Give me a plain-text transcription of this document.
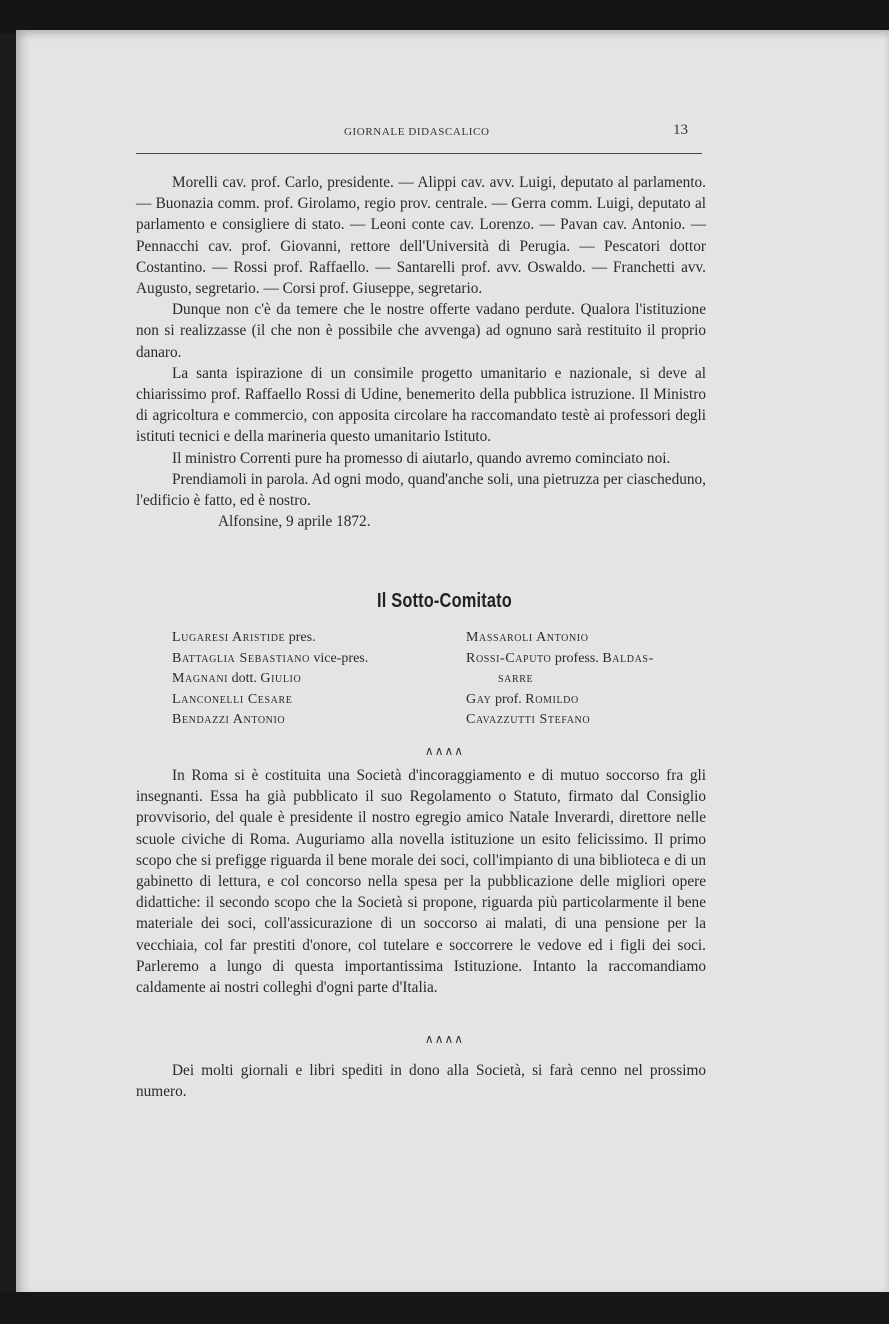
GIORNALE DIDASCALICO	13

Morelli cav. prof. Carlo, presidente. — Alippi cav. avv. Luigi, deputato al parlamento. — Buonazia comm. prof. Girolamo, regio prov. centrale. — Gerra comm. Luigi, deputato al parlamento e consigliere di stato. — Leoni conte cav. Lorenzo. — Pavan cav. Antonio. — Pennacchi cav. prof. Giovanni, rettore dell'Università di Perugia. — Pescatori dottor Costantino. — Rossi prof. Raffaello. — Santarelli prof. avv. Oswaldo. — Franchetti avv. Augusto, segretario. — Corsi prof. Giuseppe, segretario.

Dunque non c'è da temere che le nostre offerte vadano perdute. Qualora l'istituzione non si realizzasse (il che non è possibile che avvenga) ad ognuno sarà restituito il proprio danaro.

La santa ispirazione di un consimile progetto umanitario e nazionale, si deve al chiarissimo prof. Raffaello Rossi di Udine, benemerito della pubblica istruzione. Il Ministro di agricoltura e commercio, con apposita circolare ha raccomandato testè ai professori degli istituti tecnici e della marineria questo umanitario Istituto.

Il ministro Correnti pure ha promesso di aiutarlo, quando avremo cominciato noi.

Prendiamoli in parola. Ad ogni modo, quand'anche soli, una pietruzza per ciascheduno, l'edificio è fatto, ed è nostro.

Alfonsine, 9 aprile 1872.

Il Sotto-Comitato
Lugaresi Aristide pres.
Battaglia Sebastiano vice-pres.
Magnani dott. Giulio
Lanconelli Cesare
Bendazzi Antonio
Massaroli Antonio
Rossi-Caputo profess. Baldas-
sarre
Gay prof. Romildo
Cavazzutti Stefano
∧∧∧∧

In Roma si è costituita una Società d'incoraggiamento e di mutuo soccorso fra gli insegnanti. Essa ha già pubblicato il suo Regolamento o Statuto, firmato dal Consiglio provvisorio, del quale è presidente il nostro egregio amico Natale Inverardi, direttore nelle scuole civiche di Roma. Auguriamo alla novella istituzione un esito felicissimo. Il primo scopo che si prefigge riguarda il bene morale dei soci, coll'impianto di una biblioteca e di un gabinetto di lettura, e col concorso nella spesa per la pubblicazione delle migliori opere didattiche: il secondo scopo che la Società si propone, riguarda più particolarmente il bene materiale dei soci, coll'assicurazione di un soccorso ai malati, di una pensione per la vecchiaia, col far prestiti d'onore, col tutelare e soccorrere le vedove ed i figli dei soci. Parleremo a lungo di questa importantissima Istituzione. Intanto la raccomandiamo caldamente ai nostri colleghi d'ogni parte d'Italia.

∧∧∧∧

Dei molti giornali e libri spediti in dono alla Società, si farà cenno nel prossimo numero.
